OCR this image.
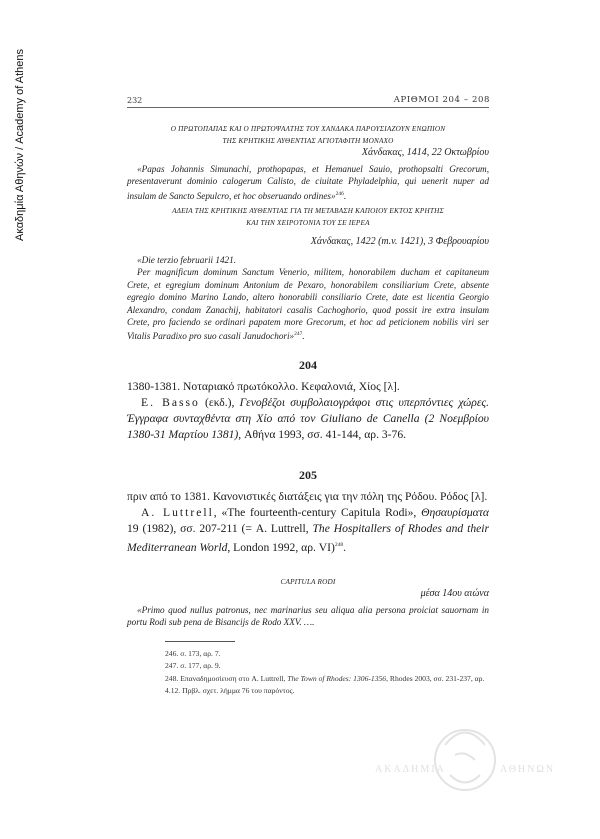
Ακαδημία Αθηνών / Academy of Athens	232	ΑΡΙΘΜΟΙ 204 – 208
Ο ΠΡΩΤΟΠΑΠΑΣ ΚΑΙ Ο ΠΡΩΤΟΨΑΛΤΗΣ ΤΟΥ ΧΑΝΔΑΚΑ ΠΑΡΟΥΣΙΑΖΟΥΝ ΕΝΩΠΙΟΝ
ΤΗΣ ΚΡΗΤΙΚΗΣ ΑΥΘΕΝΤΙΑΣ ΑΓΙΟΤΑΦΙΤΗ ΜΟΝΑΧΟ
Χάνδακας, 1414, 22 Οκτωβρίου

«Papas Johannis Simunachi, prothopapas, et Hemanuel Sauio, prothopsalti Grecorum, presentaverunt dominio calogerum Calisto, de ciuitate Phyladelphia, qui uenerit nuper ad insulam de Sancto Sepulcro, et hoc obseruando ordines»$^{246}$.

ΑΔΕΙΑ ΤΗΣ ΚΡΗΤΙΚΗΣ ΑΥΘΕΝΤΙΑΣ ΓΙΑ ΤΗ ΜΕΤΑΒΑΣΗ ΚΑΠΟΙΟΥ ΕΚΤΟΣ ΚΡΗΤΗΣ
ΚΑΙ ΤΗΝ ΧΕΙΡΟΤΟΝΙΑ ΤΟΥ ΣΕ ΙΕΡΕΑ
Χάνδακας, 1422 (m.v. 1421), 3 Φεβρουαρίου

«Die terzio februarii 1421.

Per magnificum dominum Sanctum Venerio, militem, honorabilem ducham et capitaneum Crete, et egregium dominum Antonium de Pexaro, honorabilem consiliarium Crete, absente egregio domino Marino Lando, altero honorabili consiliario Crete, date est licentia Georgio Alexandro, condam Zanachij, habitatori casalis Cachoghorio, quod possit ire extra insulam Crete, pro faciendo se ordinari papatem more Grecorum, et hoc ad peticionem nobilis viri ser Vitalis Paradixo pro suo casali Janudochori»$^{247}$.

204

1380-1381. Νοταριακό πρωτόκολλο. Κεφαλονιά, Χίος [λ].

E. Basso (εκδ.), Γενοβέζοι συμβολαιογράφοι στις υπερπόντιες χώρες. Έγγραφα συνταχθέντα στη Χίο από τον Giuliano de Canella (2 Νοεμβρίου 1380-31 Μαρτίου 1381), Αθήνα 1993, σσ. 41-144, αρ. 3-76.

205

πριν από το 1381. Κανονιστικές διατάξεις για την πόλη της Ρόδου. Ρόδος [λ].

A. Luttrell, «The fourteenth-century Capitula Rodi», Θησαυρίσματα 19 (1982), σσ. 207-211 (= A. Luttrell, The Hospitallers of Rhodes and their Mediterranean World, London 1992, αρ. VI)$^{248}$.

CAPITULA RODI
μέσα 14ου αιώνα

«Primo quod nullus patronus, nec marinarius seu aliqua alia persona proiciat sauornam in portu Rodi sub pena de Bisancijs de Rodo XXV. ….

246. σ. 173, αρ. 7.

247. σ. 177, αρ. 9.

248. Επαναδημοσίευση στο A. Luttrell, The Town of Rhodes: 1306-1356, Rhodes 2003, σσ. 231-237, αρ. 4.12. Πρβλ. σχετ. λήμμα 76 του παρόντος.

ΑΚΑΔΗΜΙΑ	ΑΘΗΝΩΝ
